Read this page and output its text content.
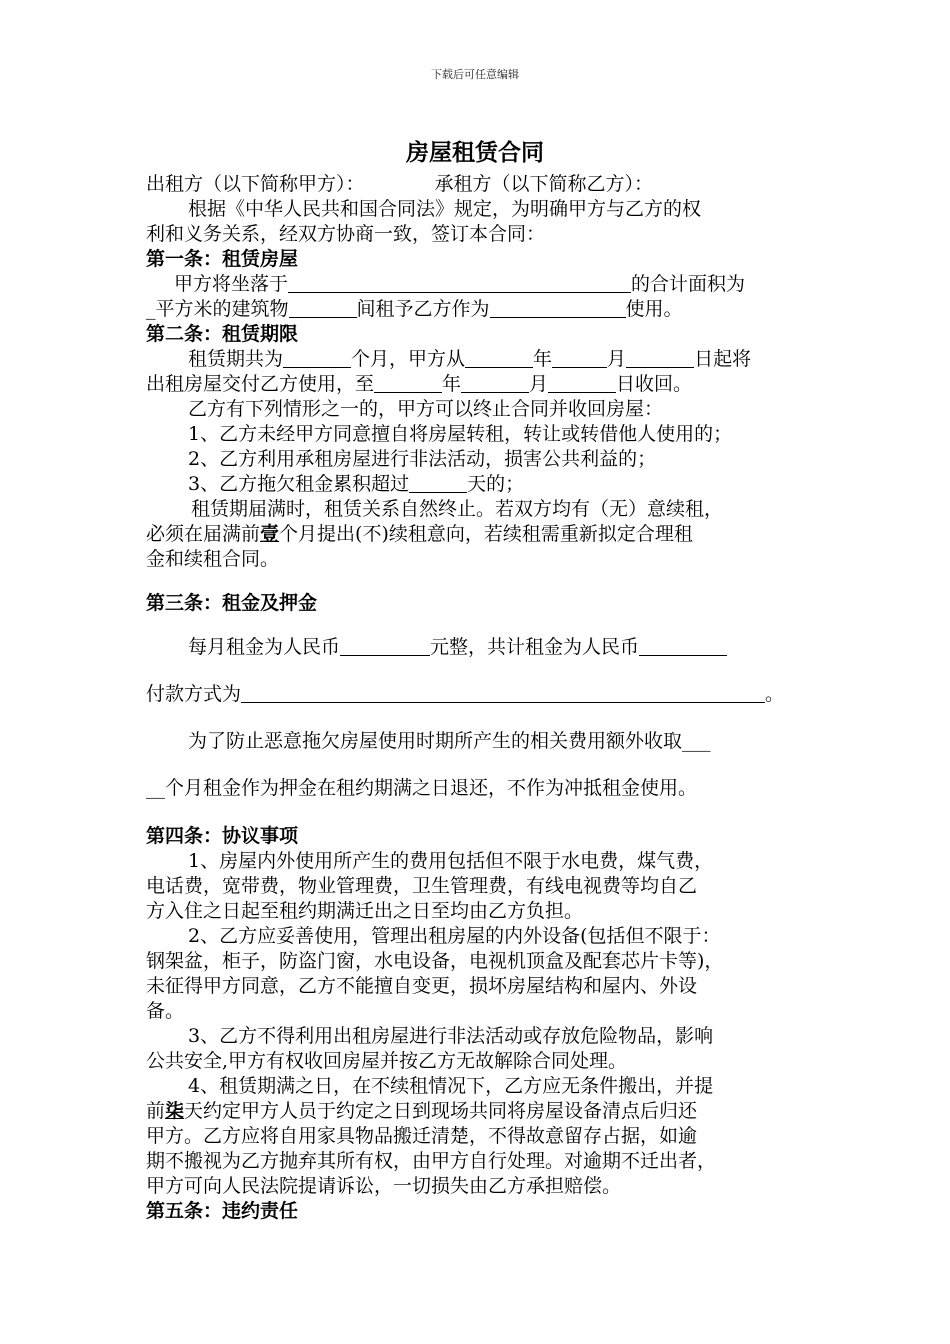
下载后可任意编辑
房屋租赁合同
出租方（以下简称甲方）：	承租方（以下简称乙方）：
根据《中华人民共和国合同法》规定，为明确甲方与乙方的权
利和义务关系，经双方协商一致，签订本合同：
第一条：租赁房屋
甲方将坐落于	的合计面积为
_平方米的建筑物	间租予乙方作为	使用。
第二条：租赁期限
租赁期共为	个月，甲方从	年	月	日起将
出租房屋交付乙方使用，至	年	月	日收回。
乙方有下列情形之一的，甲方可以终止合同并收回房屋：
1、乙方未经甲方同意擅自将房屋转租，转让或转借他人使用的；
2、乙方利用承租房屋进行非法活动，损害公共利益的；
3、乙方拖欠租金累积超过	天的；
租赁期届满时，租赁关系自然终止。若双方均有（无）意续租，
必须在届满前壹个月提出(不)续租意向，若续租需重新拟定合理租
金和续租合同。
第三条：租金及押金
每月租金为人民币	元整，共计租金为人民币
付款方式为	。
为了防止恶意拖欠房屋使用时期所产生的相关费用额外收取___
__个月租金作为押金在租约期满之日退还，不作为冲抵租金使用。
第四条：协议事项
1、房屋内外使用所产生的费用包括但不限于水电费，煤气费，
电话费，宽带费，物业管理费，卫生管理费，有线电视费等均自乙
方入住之日起至租约期满迁出之日至均由乙方负担。
2、乙方应妥善使用，管理出租房屋的内外设备(包括但不限于：
钢架盆，柜子，防盗门窗，水电设备，电视机顶盒及配套芯片卡等)，
未征得甲方同意，乙方不能擅自变更，损坏房屋结构和屋内、外设
备。
3、乙方不得利用出租房屋进行非法活动或存放危险物品，影响
公共安全,甲方有权收回房屋并按乙方无故解除合同处理。
4、租赁期满之日，在不续租情况下，乙方应无条件搬出，并提
前柒天约定甲方人员于约定之日到现场共同将房屋设备清点后归还
甲方。乙方应将自用家具物品搬迁清楚，不得故意留存占据，如逾
期不搬视为乙方抛弃其所有权，由甲方自行处理。对逾期不迁出者，
甲方可向人民法院提请诉讼，一切损失由乙方承担赔偿。
第五条：违约责任
